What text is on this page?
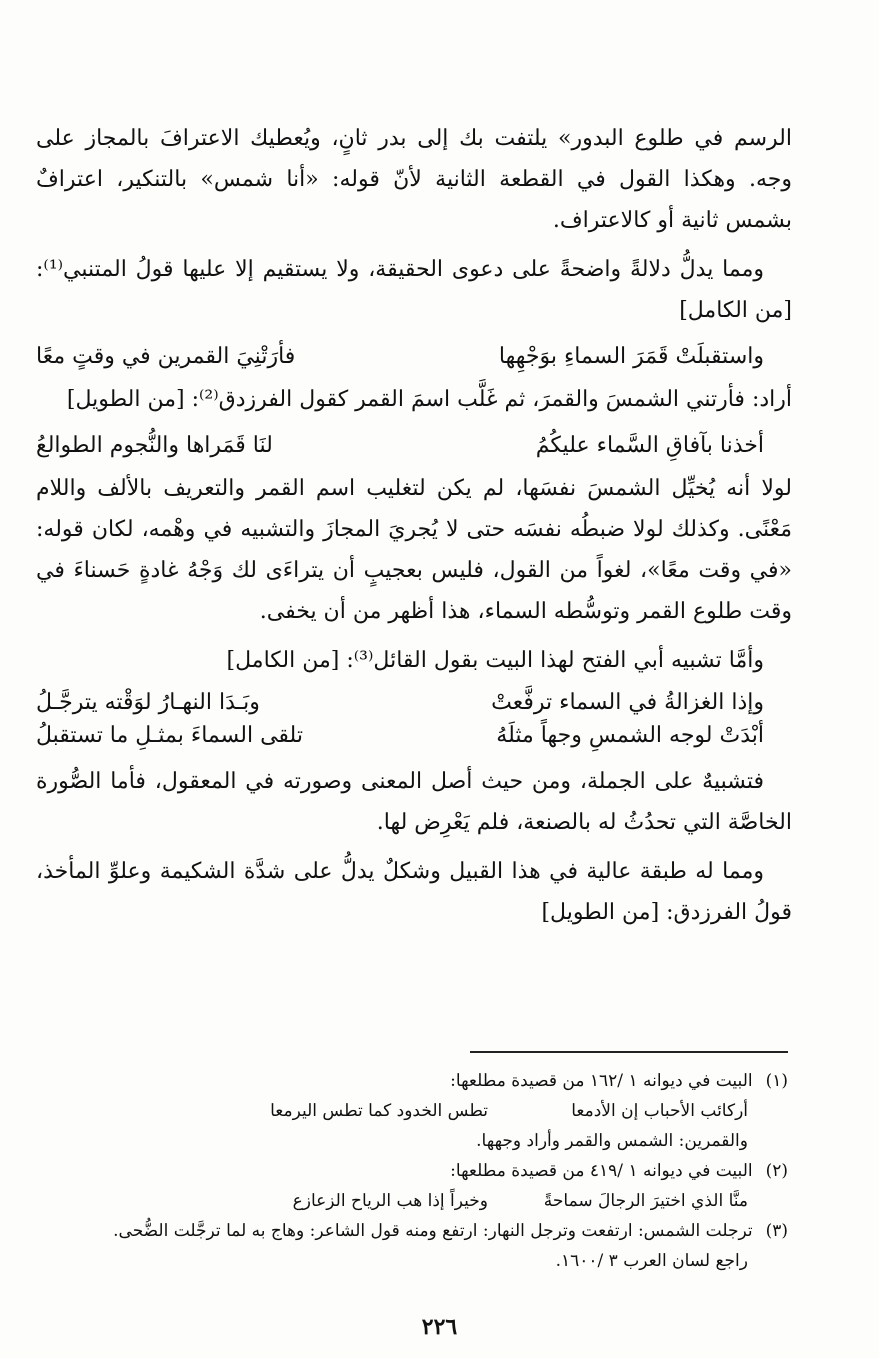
الرسم في طلوع البدور» يلتفت بك إلى بدر ثانٍ، ويُعطيك الاعترافَ بالمجاز على وجه. وهكذا القول في القطعة الثانية لأنّ قوله: «أنا شمس» بالتنكير، اعترافٌ بشمس ثانية أو كالاعتراف.

ومما يدلُّ دلالةً واضحةً على دعوى الحقيقة، ولا يستقيم إلا عليها قولُ المتنبي⁽¹⁾: [من الكامل]

واستقبلَتْ قَمَرَ السماءِ بوَجْهِها
فأرَتْنِيَ القمرين في وقتٍ معًا

أراد: فأرتني الشمسَ والقمرَ، ثم غَلَّب اسمَ القمر كقول الفرزدق⁽²⁾: [من الطويل]

أخذنا بآفاقِ السَّماء عليكُمُ
لنَا قَمَراها والنُّجوم الطوالعُ

لولا أنه يُخيِّل الشمسَ نفسَها، لم يكن لتغليب اسم القمر والتعريف بالألف واللام مَعْنًى. وكذلك لولا ضبطُه نفسَه حتى لا يُجريَ المجازَ والتشبيه في وهْمه، لكان قوله: «في وقت معًا»، لغواً من القول، فليس بعجيبٍ أن يتراءَى لك وَجْهُ غادةٍ حَسناءَ في وقت طلوع القمر وتوسُّطه السماء، هذا أظهر من أن يخفى.

وأمَّا تشبيه أبي الفتح لهذا البيت بقول القائل⁽³⁾: [من الكامل]

وإذا الغزالةُ في السماء ترفَّعتْ
وبَـدَا النهـارُ لوَقْته يترجَّـلُ
أبْدَتْ لوجه الشمسِ وجهاً مثلَهُ
تلقى السماءَ بمثـلِ ما تستقبلُ

فتشبيهٌ على الجملة، ومن حيث أصل المعنى وصورته في المعقول، فأما الصُّورة الخاصَّة التي تحدُثُ له بالصنعة، فلم يَعْرِض لها.

ومما له طبقة عالية في هذا القبيل وشكلٌ يدلُّ على شدَّة الشكيمة وعلوِّ المأخذ، قولُ الفرزدق: [من الطويل]

(١) البيت في ديوانه ١ /١٦٢ من قصيدة مطلعها:

أركائب الأحباب إن الأدمعا
تطس الخدود كما تطس اليرمعا

والقمرين: الشمس والقمر وأراد وجهها.

(٢) البيت في ديوانه ١ /٤١٩ من قصيدة مطلعها:

منَّا الذي اختيرَ الرجالَ سماحةً
وخيراً إذا هب الرياح الزعازع

(٣) ترجلت الشمس: ارتفعت وترجل النهار: ارتفع ومنه قول الشاعر: وهاج به لما ترجَّلت الضُّحى.

راجع لسان العرب ٣ /١٦٠٠.

٢٢٦
